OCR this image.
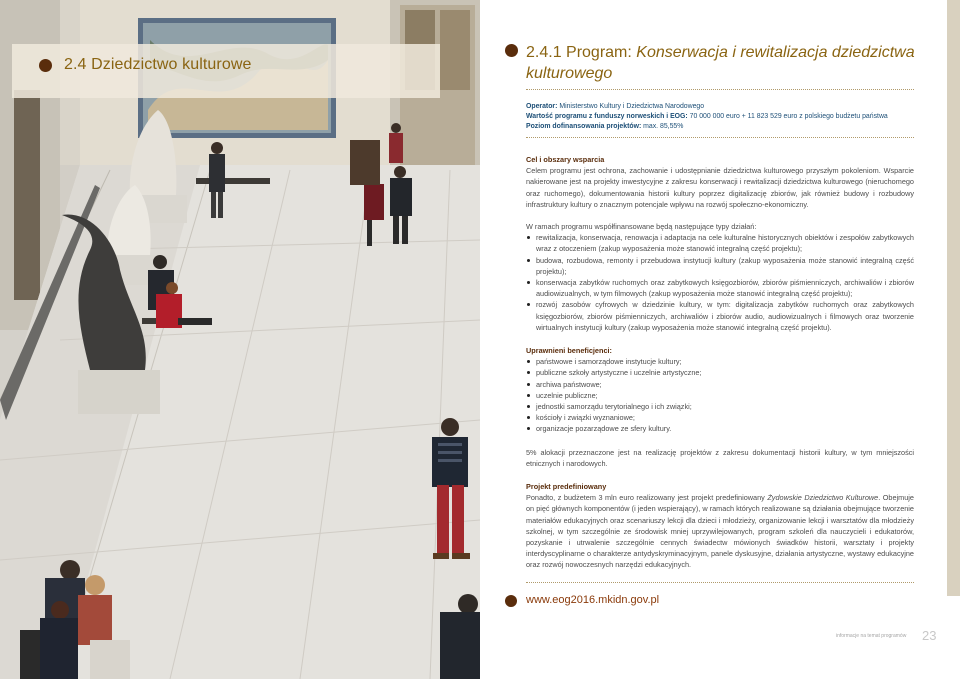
2.4 Dziedzictwo kulturowe
2.4.1 Program: Konserwacja i rewitalizacja dziedzictwa kulturowego
Operator: Ministerstwo Kultury i Dziedzictwa Narodowego
Wartość programu z funduszy norweskich i EOG: 70 000 000 euro + 11 823 529 euro z polskiego budżetu państwa
Poziom dofinansowania projektów: max. 85,55%
Cel i obszary wsparcia

Celem programu jest ochrona, zachowanie i udostępnianie dziedzictwa kulturowego przyszłym pokoleniom. Wsparcie nakierowane jest na projekty inwestycyjne z zakresu konserwacji i rewitalizacji dziedzictwa kulturowego (nieruchomego oraz ruchomego), dokumentowania historii kultury poprzez digitalizację zbiorów, jak również budowy i rozbudowy infrastruktury kultury o znacznym potencjale wpływu na rozwój społeczno-ekonomiczny.

W ramach programu współfinansowane będą następujące typy działań:

rewitalizacja, konserwacja, renowacja i adaptacja na cele kulturalne historycznych obiektów i zespołów zabytkowych wraz z otoczeniem (zakup wyposażenia może stanowić integralną część projektu);
budowa, rozbudowa, remonty i przebudowa instytucji kultury (zakup wyposażenia może stanowić integralną część projektu);
konserwacja zabytków ruchomych oraz zabytkowych księgozbiorów, zbiorów piśmienniczych, archiwaliów i zbiorów audiowizualnych, w tym filmowych (zakup wyposażenia może stanowić integralną część projektu);
rozwój zasobów cyfrowych w dziedzinie kultury, w tym: digitalizacja zabytków ruchomych oraz zabytkowych księgozbiorów, zbiorów piśmienniczych, archiwaliów i zbiorów audio, audiowizualnych i filmowych oraz tworzenie wirtualnych instytucji kultury (zakup wyposażenia może stanowić integralną część projektu).
Uprawnieni beneficjenci:
państwowe i samorządowe instytucje kultury;
publiczne szkoły artystyczne i uczelnie artystyczne;
archiwa państwowe;
uczelnie publiczne;
jednostki samorządu terytorialnego i ich związki;
kościoły i związki wyznaniowe;
organizacje pozarządowe ze sfery kultury.

5% alokacji przeznaczone jest na realizację projektów z zakresu dokumentacji historii kultury, w tym mniejszości etnicznych i narodowych.

Projekt predefiniowany

Ponadto, z budżetem 3 mln euro realizowany jest projekt predefiniowany Żydowskie Dziedzictwo Kulturowe. Obejmuje on pięć głównych komponentów (i jeden wspierający), w ramach których realizowane są działania obejmujące tworzenie materiałów edukacyjnych oraz scenariuszy lekcji dla dzieci i młodzieży, organizowanie lekcji i warsztatów dla młodzieży szkolnej, w tym szczególnie ze środowisk mniej uprzywilejowanych, program szkoleń dla nauczycieli i edukatorów, pozyskanie i utrwalenie szczególnie cennych świadectw mówionych świadków historii, warsztaty i projekty interdyscyplinarne o charakterze antydyskryminacyjnym, panele dyskusyjne, działania artystyczne, wystawy edukacyjne oraz rozwój nowoczesnych narzędzi edukacyjnych.

www.eog2016.mkidn.gov.pl
informacje na temat programów 23
